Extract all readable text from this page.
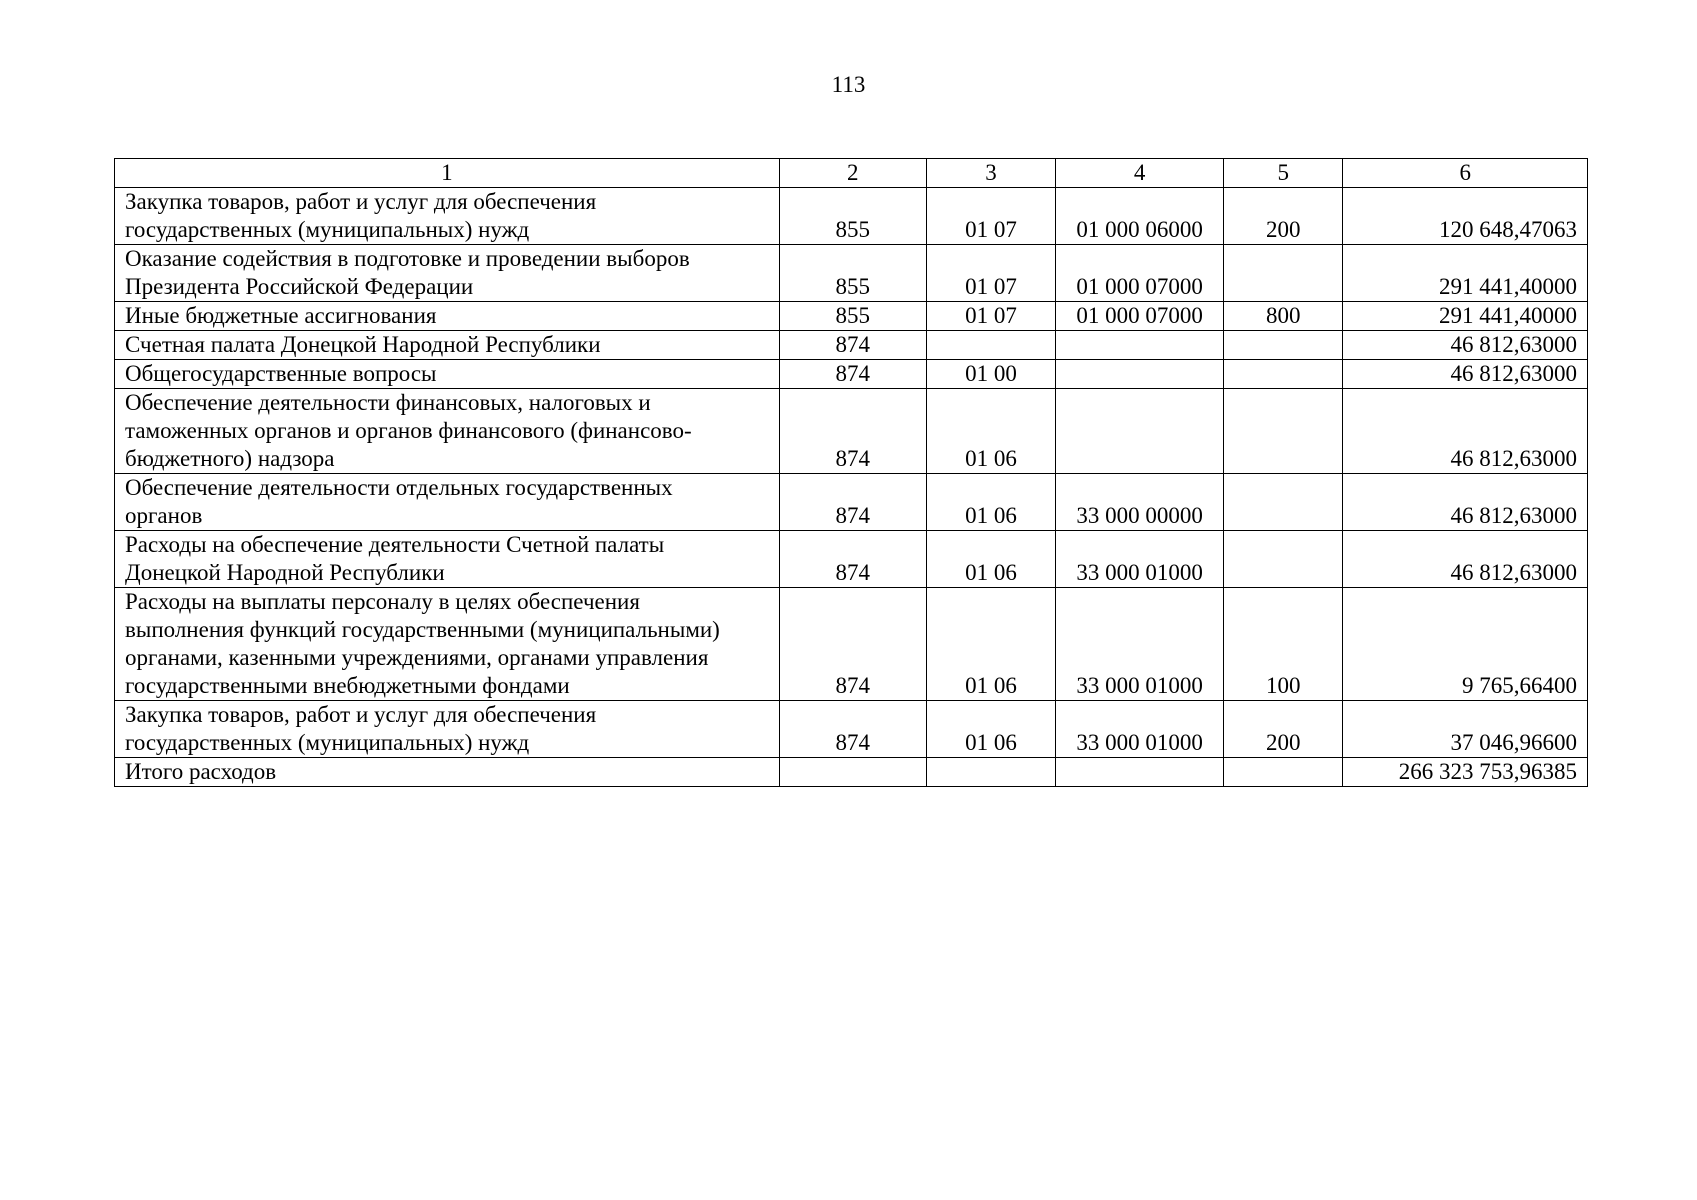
113
1	2	3	4	5	6

Закупка товаров, работ и услуг для обеспечения
государственных (муниципальных) нужд	855	01 07	01 000 06000	200	120 648,47063

Оказание содействия в подготовке и проведении выборов
Президента Российской Федерации	855	01 07	01 000 07000		291 441,40000

Иные бюджетные ассигнования	855	01 07	01 000 07000	800	291 441,40000

Счетная палата Донецкой Народной Республики	874				46 812,63000

Общегосударственные вопросы	874	01 00			46 812,63000

Обеспечение деятельности финансовых, налоговых и
таможенных органов и органов финансового (финансово-
бюджетного) надзора	874	01 06			46 812,63000

Обеспечение деятельности отдельных государственных
органов	874	01 06	33 000 00000		46 812,63000

Расходы на обеспечение деятельности Счетной палаты
Донецкой Народной Республики	874	01 06	33 000 01000		46 812,63000

Расходы на выплаты персоналу в целях обеспечения
выполнения функций государственными (муниципальными)
органами, казенными учреждениями, органами управления
государственными внебюджетными фондами	874	01 06	33 000 01000	100	9 765,66400

Закупка товаров, работ и услуг для обеспечения
государственных (муниципальных) нужд	874	01 06	33 000 01000	200	37 046,96600

Итого расходов					266 323 753,96385
